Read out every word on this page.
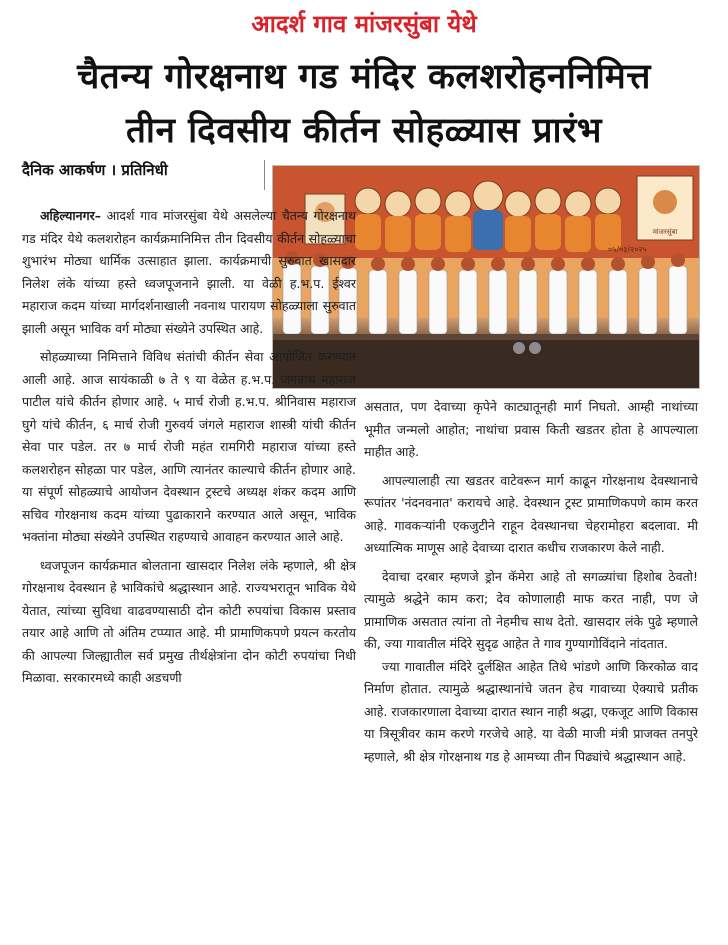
आदर्श गाव मांजरसुंबा येथे
चैतन्य गोरक्षनाथ गड मंदिर कलशरोहननिमित्त
तीन दिवसीय कीर्तन सोहळ्यास प्रारंभ
दैनिक आकर्षण । प्रतिनिधी
मांजरसुंबा
०५/०३/२०२५

अहिल्यानगर– आदर्श गाव मांजरसुंबा येथे असलेल्या चैतन्य गोरक्षनाथ गड मंदिर येथे कलशरोहन कार्यक्रमानिमित्त तीन दिवसीय कीर्तन सोहळ्याचा शुभारंभ मोठ्या धार्मिक उत्साहात झाला. कार्यक्रमाची सुरुवात खासदार निलेश लंके यांच्या हस्ते ध्वजपूजनाने झाली. या वेळी ह.भ.प. ईश्वर महाराज कदम यांच्या मार्गदर्शनाखाली नवनाथ पारायण सोहळ्याला सुरुवात झाली असून भाविक वर्ग मोठ्या संख्येने उपस्थित आहे.

सोहळ्याच्या निमित्ताने विविध संतांची कीर्तन सेवा आयोजित करण्यात आली आहे. आज सायंकाळी ७ ते ९ या वेळेत ह.भ.प. जगन्नाथ महाराज पाटील यांचे कीर्तन होणार आहे. ५ मार्च रोजी ह.भ.प. श्रीनिवास महाराज घुगे यांचे कीर्तन, ६ मार्च रोजी गुरुवर्य जंगले महाराज शास्त्री यांची कीर्तन सेवा पार पडेल. तर ७ मार्च रोजी महंत रामगिरी महाराज यांच्या हस्ते कलशरोहन सोहळा पार पडेल, आणि त्यानंतर काल्याचे कीर्तन होणार आहे. या संपूर्ण सोहळ्याचे आयोजन देवस्थान ट्रस्टचे अध्यक्ष शंकर कदम आणि सचिव गोरक्षनाथ कदम यांच्या पुढाकाराने करण्यात आले असून, भाविक भक्तांना मोठ्या संख्येने उपस्थित राहण्याचे आवाहन करण्यात आले आहे.

ध्वजपूजन कार्यक्रमात बोलताना खासदार निलेश लंके म्हणाले, श्री क्षेत्र गोरक्षनाथ देवस्थान हे भाविकांचे श्रद्धास्थान आहे. राज्यभरातून भाविक येथे येतात, त्यांच्या सुविधा वाढवण्यासाठी दोन कोटी रुपयांचा विकास प्रस्ताव तयार आहे आणि तो अंतिम टप्प्यात आहे. मी प्रामाणिकपणे प्रयत्न करतोय की आपल्या जिल्ह्यातील सर्व प्रमुख तीर्थक्षेत्रांना दोन कोटी रुपयांचा निधी मिळावा. सरकारमध्ये काही अडचणी

असतात, पण देवाच्या कृपेने काट्यातूनही मार्ग निघतो. आम्ही नाथांच्या भूमीत जन्मलो आहोत; नाथांचा प्रवास किती खडतर होता हे आपल्याला माहीत आहे.

आपल्यालाही त्या खडतर वाटेवरून मार्ग काढून गोरक्षनाथ देवस्थानाचे रूपांतर 'नंदनवनात' करायचे आहे. देवस्थान ट्रस्ट प्रामाणिकपणे काम करत आहे. गावकऱ्यांनी एकजुटीने राहून देवस्थानचा चेहरामोहरा बदलावा. मी अध्यात्मिक माणूस आहे देवाच्या दारात कधीच राजकारण केले नाही.

देवाचा दरबार म्हणजे ड्रोन कॅमेरा आहे तो सगळ्यांचा हिशोब ठेवतो! त्यामुळे श्रद्धेने काम करा; देव कोणालाही माफ करत नाही, पण जे प्रामाणिक असतात त्यांना तो नेहमीच साथ देतो. खासदार लंके पुढे म्हणाले की, ज्या गावातील मंदिरे सुदृढ आहेत ते गाव गुण्यागोविंदाने नांदतात.

ज्या गावातील मंदिरे दुर्लक्षित आहेत तिथे भांडणे आणि किरकोळ वाद निर्माण होतात. त्यामुळे श्रद्धास्थानांचे जतन हेच गावाच्या ऐक्याचे प्रतीक आहे. राजकारणाला देवाच्या दारात स्थान नाही श्रद्धा, एकजूट आणि विकास या त्रिसूत्रीवर काम करणे गरजेचे आहे. या वेळी माजी मंत्री प्राजक्त तनपुरे म्हणाले, श्री क्षेत्र गोरक्षनाथ गड हे आमच्या तीन पिढ्यांचे श्रद्धास्थान आहे.
